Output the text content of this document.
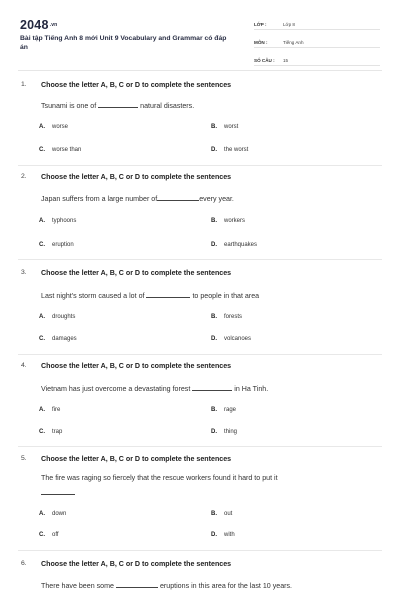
$2048^{.vn}$
Bài tập Tiếng Anh 8 mới Unit 9 Vocabulary and Grammar có đáp án
LỚP :	Lớp 8
MÔN :	Tiếng Anh
SỐ CÂU :	15
1. Choose the letter A, B, C or D to complete the sentences
Tsunami is one of	natural disasters.
A. worse	B. worst
C. worse than	D. the worst
2. Choose the letter A, B, C or D to complete the sentences
Japan suffers from a large number of	every year.
A. typhoons	B. workers
C. eruption	D. earthquakes
3. Choose the letter A, B, C or D to complete the sentences
Last night's storm caused a lot of	to people in that area
A. droughts	B. forests
C. damages	D. volcanoes
4. Choose the letter A, B, C or D to complete the sentences
Vietnam has just overcome a devastating forest	in Ha Tinh.
A. fire	B. rage
C. trap	D. thing
5. Choose the letter A, B, C or D to complete the sentences
The fire was raging so fiercely that the rescue workers found it hard to put it

A. down	B. out
C. off	D. with
6. Choose the letter A, B, C or D to complete the sentences
There have been some	eruptions in this area for the last 10 years.
